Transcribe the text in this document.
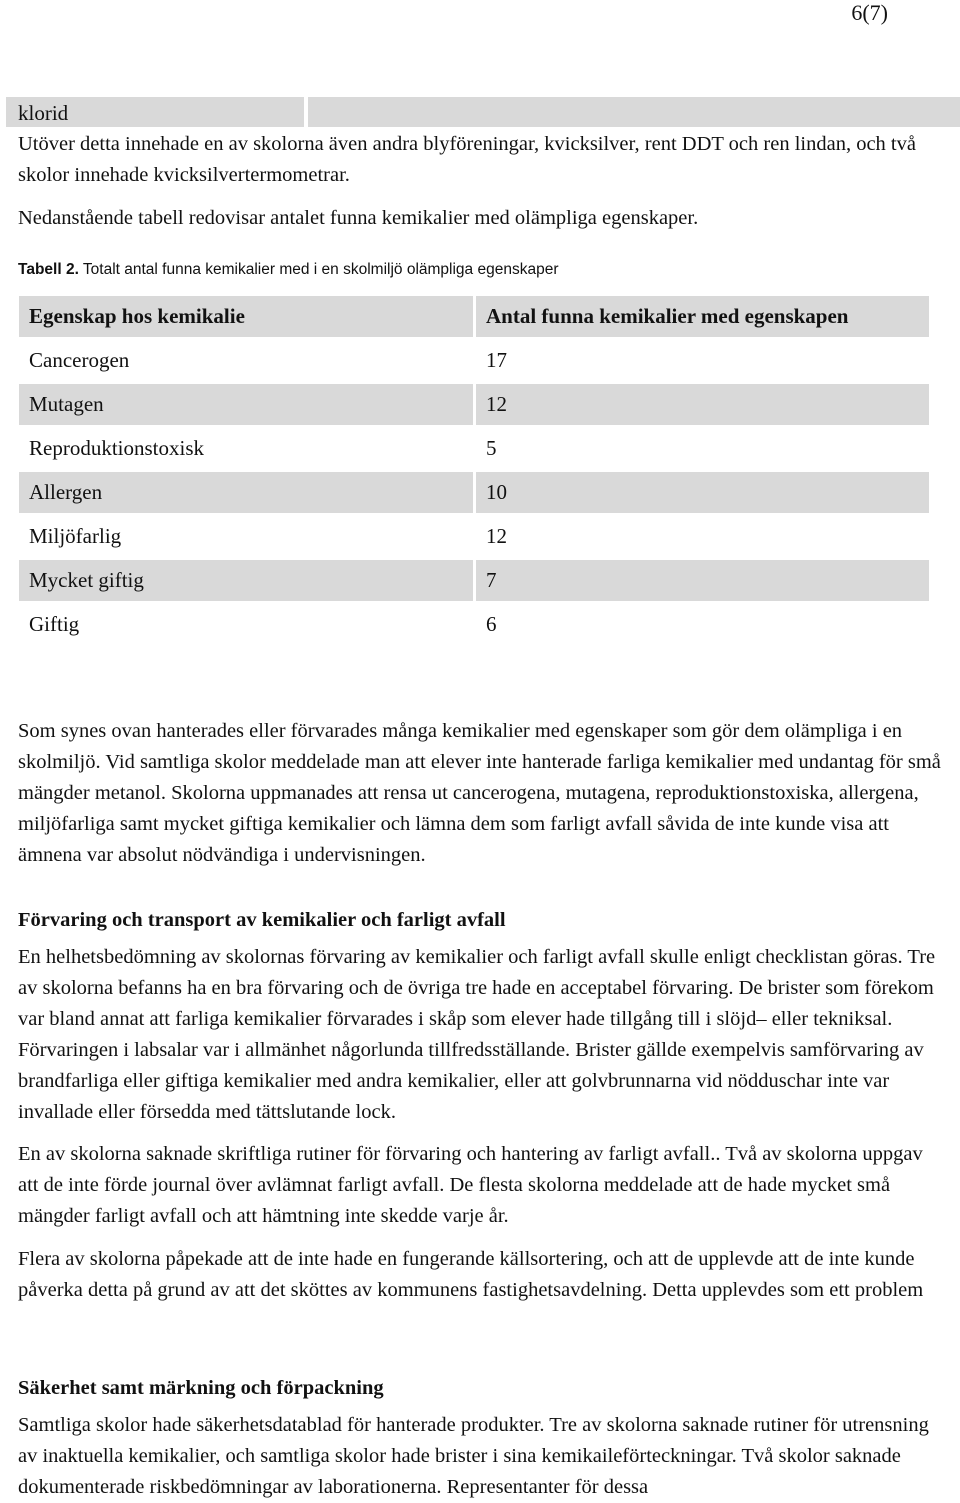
6(7)
klorid

Utöver detta innehade en av skolorna även andra blyföreningar, kvicksilver, rent DDT och ren lindan, och två skolor innehade kvicksilvertermometrar.

Nedanstående tabell redovisar antalet funna kemikalier med olämpliga egenskaper.

Tabell 2. Totalt antal funna kemikalier med i en skolmiljö olämpliga egenskaper
Egenskap hos kemikalie	Antal funna kemikalier med egenskapen
Cancerogen	17
Mutagen	12
Reproduktionstoxisk	5
Allergen	10
Miljöfarlig	12
Mycket giftig	7
Giftig	6

Som synes ovan hanterades eller förvarades många kemikalier med egenskaper som gör dem olämpliga i en skolmiljö. Vid samtliga skolor meddelade man att elever inte hanterade farliga kemikalier med undantag för små mängder metanol. Skolorna uppmanades att rensa ut cancerogena, mutagena, reproduktionstoxiska, allergena, miljöfarliga samt mycket giftiga kemikalier och lämna dem som farligt avfall såvida de inte kunde visa att ämnena var absolut nödvändiga i undervisningen.

Förvaring och transport av kemikalier och farligt avfall

En helhetsbedömning av skolornas förvaring av kemikalier och farligt avfall skulle enligt checklistan göras. Tre av skolorna befanns ha en bra förvaring och de övriga tre hade en acceptabel förvaring. De brister som förekom var bland annat att farliga kemikalier förvarades i skåp som elever hade tillgång till i slöjd– eller tekniksal. Förvaringen i labsalar var i allmänhet någorlunda tillfredsställande. Brister gällde exempelvis samförvaring av brandfarliga eller giftiga kemikalier med andra kemikalier, eller att golvbrunnarna vid nödduschar inte var invallade eller försedda med tättslutande lock.

En av skolorna saknade skriftliga rutiner för förvaring och hantering av farligt avfall.. Två av skolorna uppgav att de inte förde journal över avlämnat farligt avfall. De flesta skolorna meddelade att de hade mycket små mängder farligt avfall och att hämtning inte skedde varje år.

Flera av skolorna påpekade att de inte hade en fungerande källsortering, och att de upplevde att de inte kunde påverka detta på grund av att det sköttes av kommunens fastighetsavdelning. Detta upplevdes som ett problem

Säkerhet samt märkning och förpackning

Samtliga skolor hade säkerhetsdatablad för hanterade produkter. Tre av skolorna saknade rutiner för utrensning av inaktuella kemikalier, och samtliga skolor hade brister i sina kemikaileförteckningar. Två skolor saknade dokumenterade riskbedömningar av laborationerna. Representanter för dessa
